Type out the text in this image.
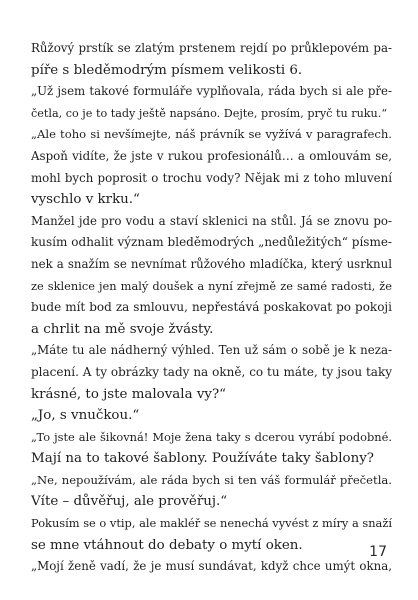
Růžový prstík se zlatým prstenem rejdí po průklepovém pa-
píře s bleděmodrým písmem velikosti 6.
„Už jsem takové formuláře vyplňovala, ráda bych si ale pře-
četla, co je to tady ještě napsáno. Dejte, prosím, pryč tu ruku.“
„Ale toho si nevšímejte, náš právník se vyžívá v paragrafech.
Aspoň vidíte, že jste v rukou profesionálů… a omlouvám se,
mohl bych poprosit o trochu vody? Nějak mi z toho mluvení
vyschlo v krku.“
Manžel jde pro vodu a staví sklenici na stůl. Já se znovu po-
kusím odhalit význam bleděmodrých „nedůležitých“ písme-
nek a snažím se nevnímat růžového mladíčka, který usrknul
ze sklenice jen malý doušek a nyní zřejmě ze samé radosti, že
bude mít bod za smlouvu, nepřestává poskakovat po pokoji
a chrlit na mě svoje žvásty.
„Máte tu ale nádherný výhled. Ten už sám o sobě je k neza-
placení. A ty obrázky tady na okně, co tu máte, ty jsou taky
krásné, to jste malovala vy?“
„Jo, s vnučkou.“
„To jste ale šikovná! Moje žena taky s dcerou vyrábí podobné.
Mají na to takové šablony. Používáte taky šablony?
„Ne, nepoužívám, ale ráda bych si ten váš formulář přečetla.
Víte – důvěřuj, ale prověřuj.“
Pokusím se o vtip, ale makléř se nenechá vyvést z míry a snaží
se mne vtáhnout do debaty o mytí oken.
„Mojí ženě vadí, že je musí sundávat, když chce umýt okna,
17
